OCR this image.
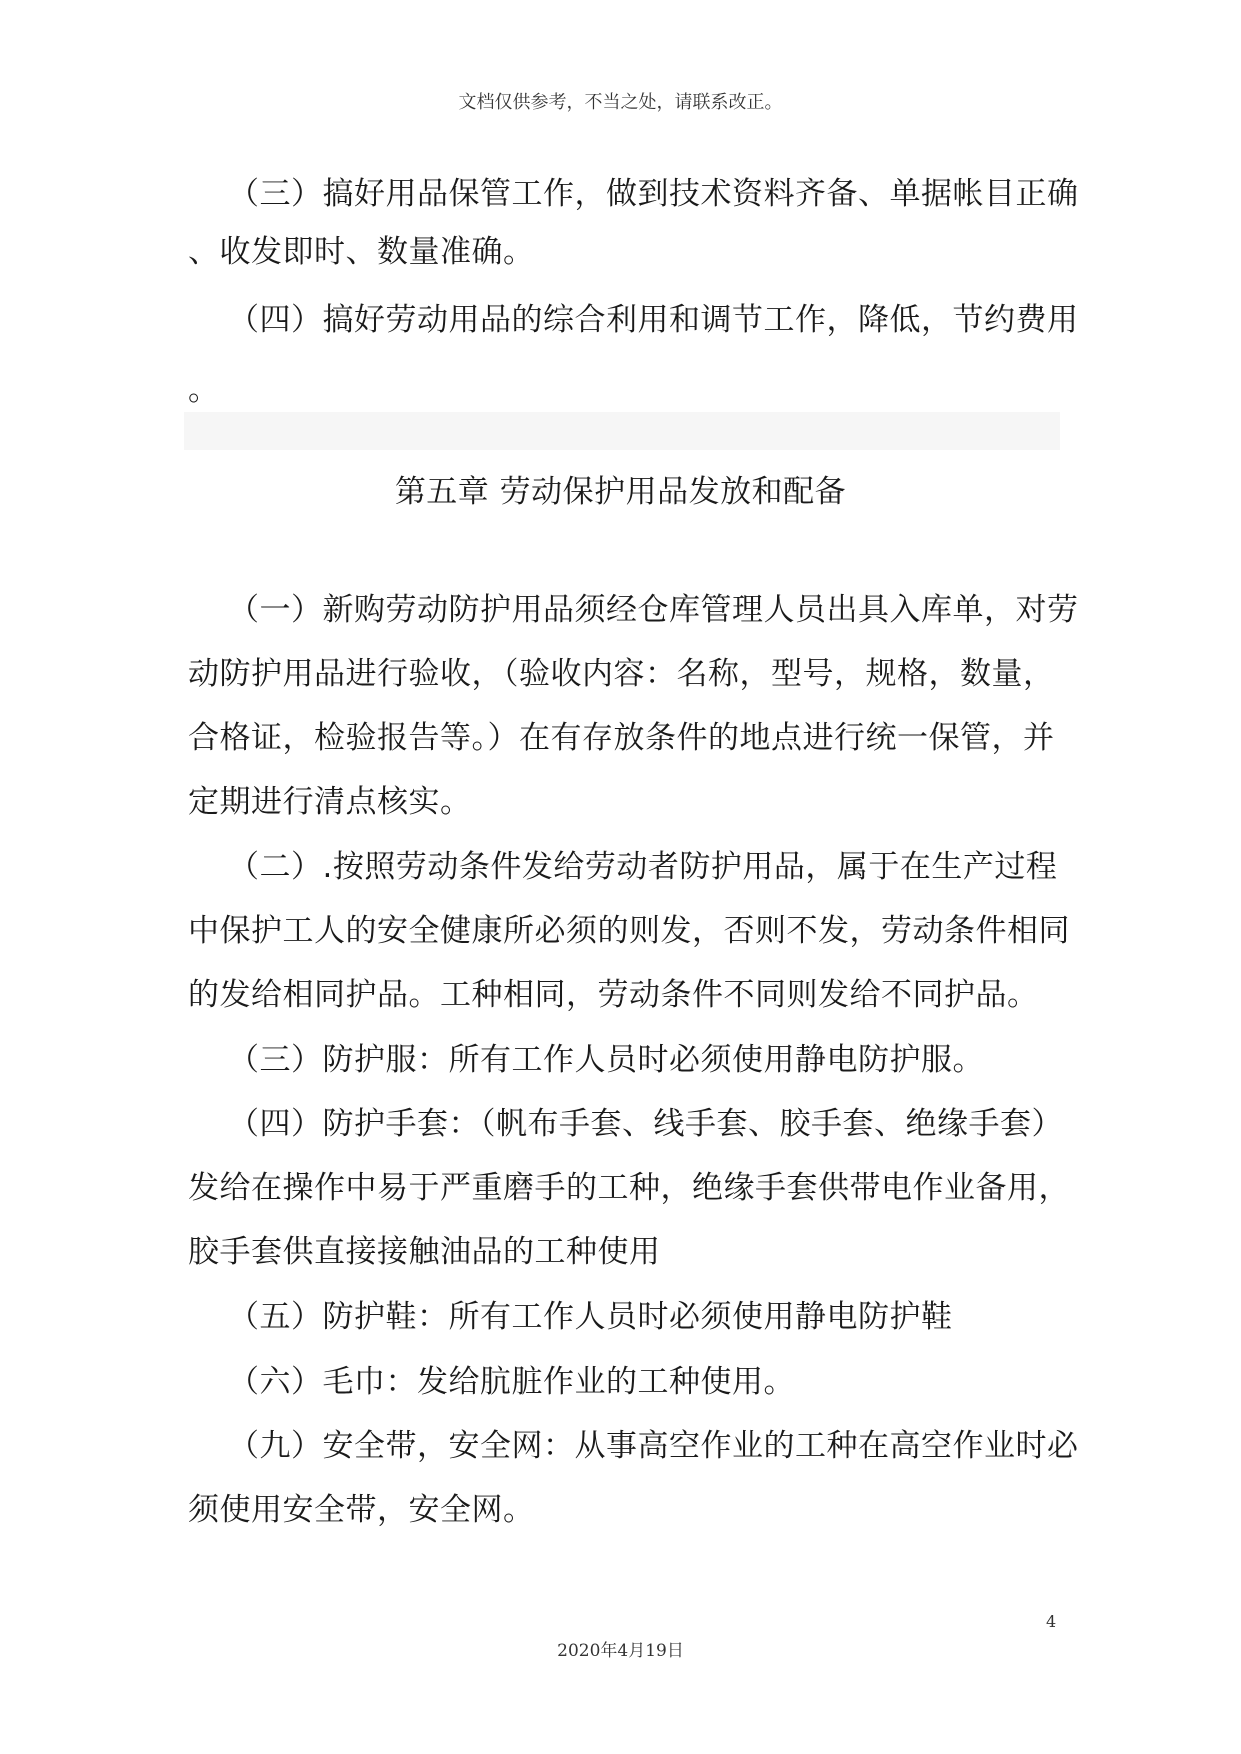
文档仅供参考，不当之处，请联系改正。

（三）搞好用品保管工作，做到技术资料齐备、单据帐目正确

、收发即时、数量准确。

（四）搞好劳动用品的综合利用和调节工作，降低，节约费用

。

第五章 劳动保护用品发放和配备

（一）新购劳动防护用品须经仓库管理人员出具入库单，对劳

动防护用品进行验收，（验收内容：名称，型号，规格，数量，

合格证，检验报告等。）在有存放条件的地点进行统一保管，并

定期进行清点核实。

（二）.按照劳动条件发给劳动者防护用品，属于在生产过程

中保护工人的安全健康所必须的则发，否则不发，劳动条件相同

的发给相同护品。工种相同，劳动条件不同则发给不同护品。

（三）防护服：所有工作人员时必须使用静电防护服。

（四）防护手套：（帆布手套、线手套、胶手套、绝缘手套）

发给在操作中易于严重磨手的工种，绝缘手套供带电作业备用，

胶手套供直接接触油品的工种使用

（五）防护鞋：所有工作人员时必须使用静电防护鞋

（六）毛巾：发给肮脏作业的工种使用。

（九）安全带，安全网：从事高空作业的工种在高空作业时必

须使用安全带，安全网。

4
2020年4月19日
